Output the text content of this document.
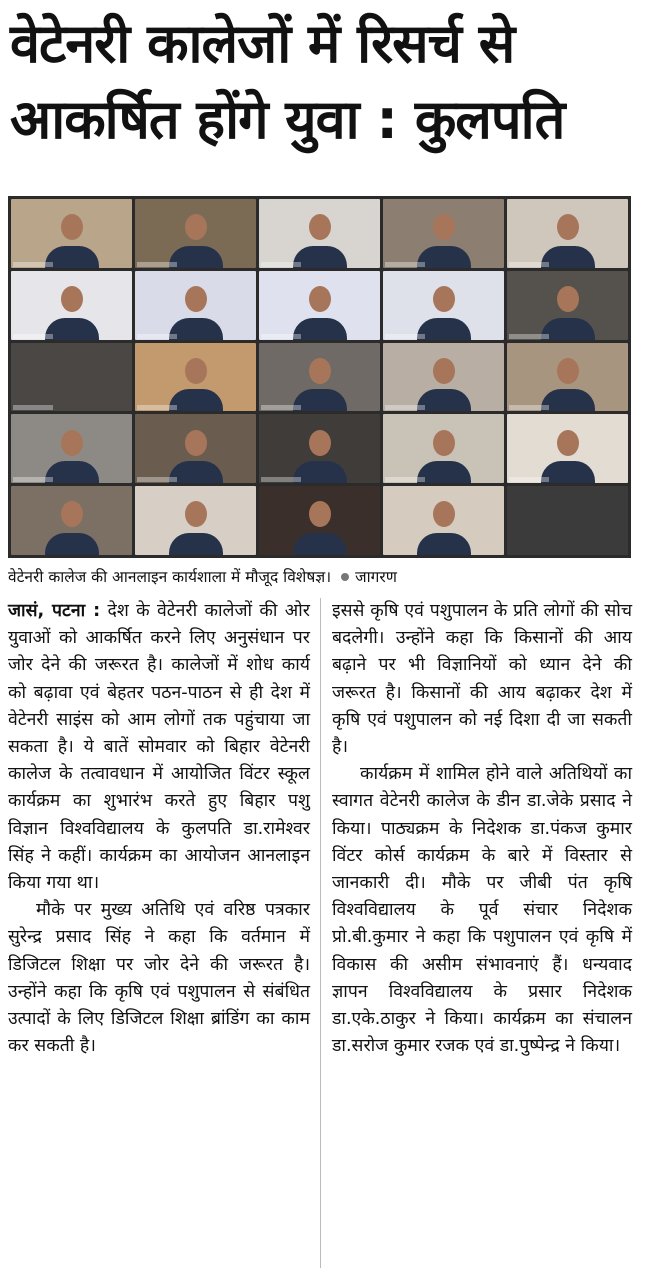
वेटेनरी कालेजों में रिसर्च से
आकर्षित होंगे युवा : कुलपति
वेटेनरी कालेज की आनलाइन कार्यशाला में मौजूद विशेषज्ञ। जागरण

जासं, पटना : देश के वेटेनरी कालेजों की ओर युवाओं को आकर्षित करने लिए अनुसंधान पर जोर देने की जरूरत है। कालेजों में शोध कार्य को बढ़ावा एवं बेहतर पठन-पाठन से ही देश में वेटेनरी साइंस को आम लोगों तक पहुंचाया जा सकता है। ये बातें सोमवार को बिहार वेटेनरी कालेज के तत्वावधान में आयोजित विंटर स्कूल कार्यक्रम का शुभारंभ करते हुए बिहार पशु विज्ञान विश्वविद्यालय के कुलपति डा.रामेश्वर सिंह ने कहीं। कार्यक्रम का आयोजन आनलाइन किया गया था।

मौके पर मुख्य अतिथि एवं वरिष्ठ पत्रकार सुरेन्द्र प्रसाद सिंह ने कहा कि वर्तमान में डिजिटल शिक्षा पर जोर देने की जरूरत है। उन्होंने कहा कि कृषि एवं पशुपालन से संबंधित उत्पादों के लिए डिजिटल शिक्षा ब्रांडिंग का काम कर सकती है।

इससे कृषि एवं पशुपालन के प्रति लोगों की सोच बदलेगी। उन्होंने कहा कि किसानों की आय बढ़ाने पर भी विज्ञानियों को ध्यान देने की जरूरत है। किसानों की आय बढ़ाकर देश में कृषि एवं पशुपालन को नई दिशा दी जा सकती है।

कार्यक्रम में शामिल होने वाले अतिथियों का स्वागत वेटेनरी कालेज के डीन डा.जेके प्रसाद ने किया। पाठ्यक्रम के निदेशक डा.पंकज कुमार विंटर कोर्स कार्यक्रम के बारे में विस्तार से जानकारी दी। मौके पर जीबी पंत कृषि विश्वविद्यालय के पूर्व संचार निदेशक प्रो.बी.कुमार ने कहा कि पशुपालन एवं कृषि में विकास की असीम संभावनाएं हैं। धन्यवाद ज्ञापन विश्वविद्यालय के प्रसार निदेशक डा.एके.ठाकुर ने किया। कार्यक्रम का संचालन डा.सरोज कुमार रजक एवं डा.पुष्पेन्द्र ने किया।
